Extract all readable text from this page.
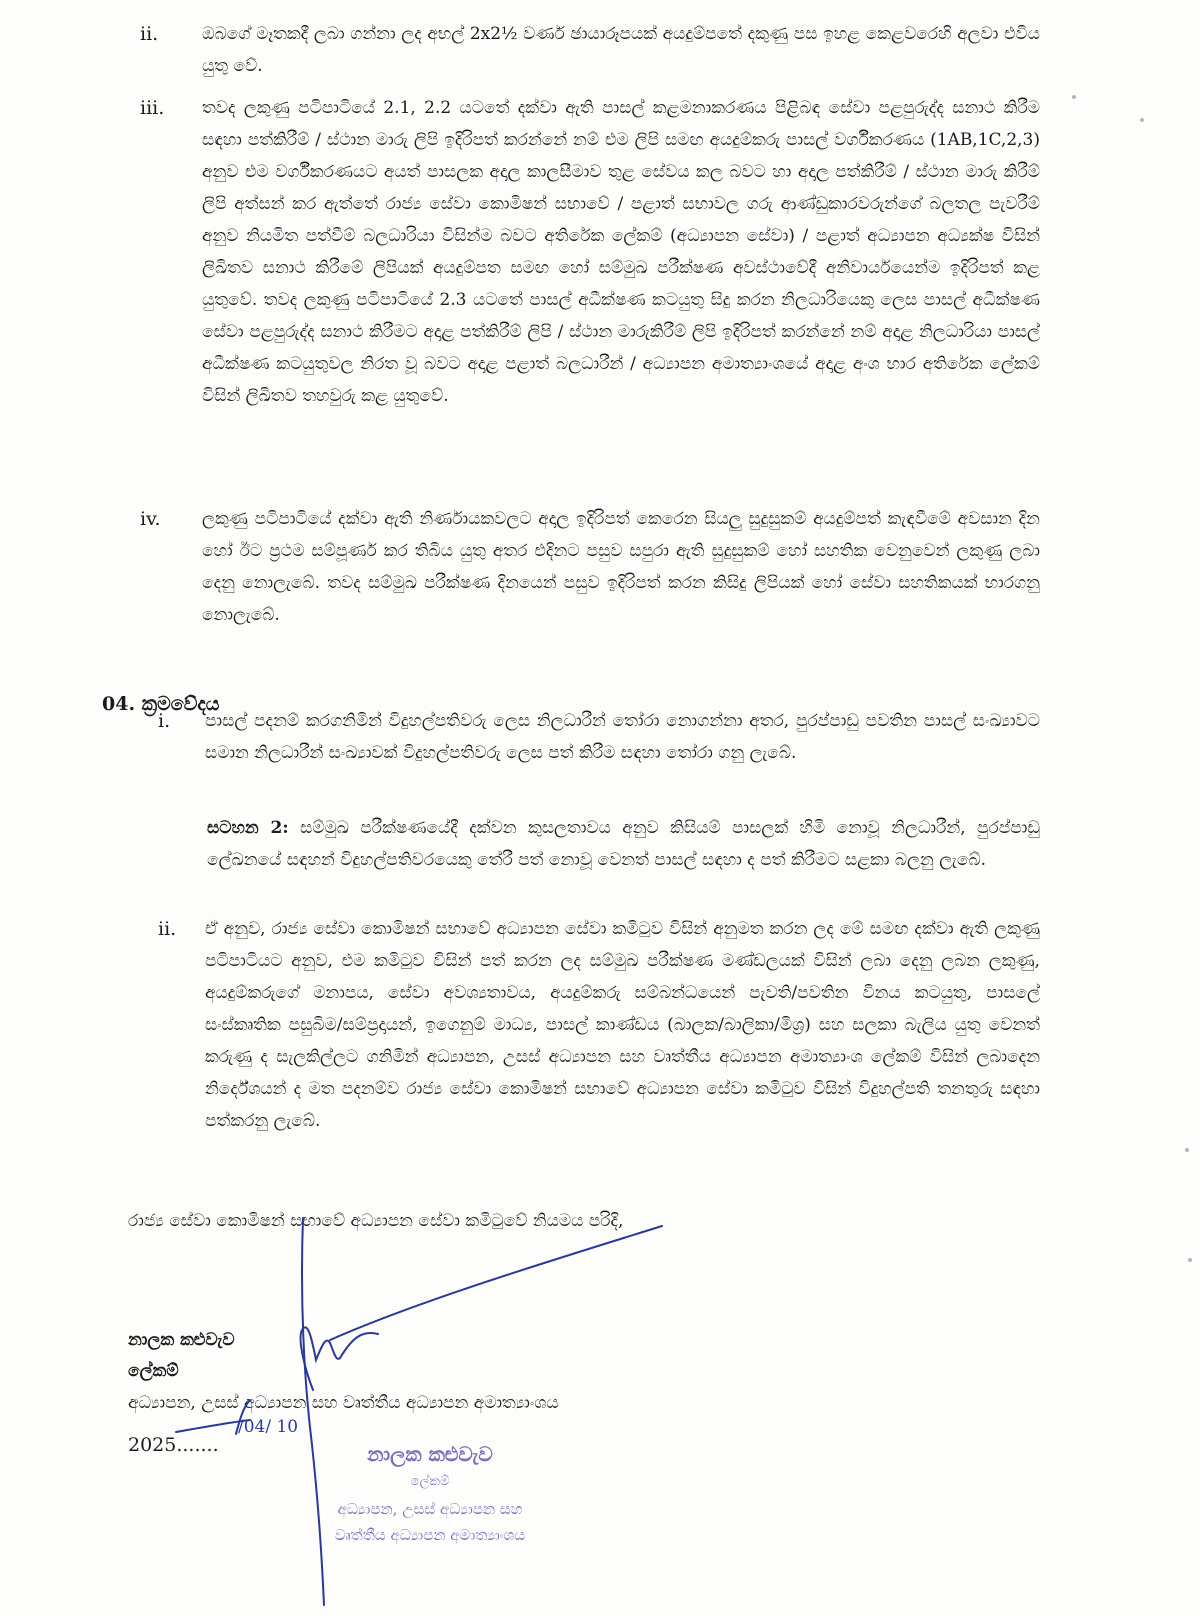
ii.	ඔබගේ මෑතකදී ලබා ගන්නා ලද අභල් 2x2½ වර්ණ ඡායාරූපයක් අයදුම්පතේ දකුණු පස ඉහළ කෙළවරෙහි අලවා එවිය යුතු වේ.
iii.	තවද ලකුණු පටිපාටියේ 2.1, 2.2 යටතේ දක්වා ඇති පාසල් කළමනාකරණය පිළිබඳ සේවා පළපුරුද්ද සනාථ කිරීම සඳහා පත්කිරීම් / ස්ථාන මාරු ලිපි ඉදිරිපත් කරන්නේ නම් එම ලිපි සමඟ අයදුම්කරු පාසල් වර්ගීකරණය (1AB,1C,2,3) අනුව එම වර්ගීකරණයට අයත් පාසලක අදාල කාලසීමාව තුළ සේවය කල බවට හා අදාල පත්කිරීම් / ස්ථාන මාරු කිරීම් ලිපි අත්සන් කර ඇත්තේ රාජ්‍ය සේවා කොමිෂන් සභාවේ / පළාත් සභාවල ගරු ආණ්ඩුකාරවරුන්ගේ බලතල පැවරීම් අනුව නියමිත පත්වීම් බලධාරියා විසින්ම බවට අතිරේක ලේකම් (අධ්‍යාපන සේවා) / පළාත් අධ්‍යාපන අධ්‍යක්ෂ විසින් ලිඛිතව සනාථ කිරීමේ ලිපියක් අයදුම්පත සමඟ හෝ සම්මුඛ පරීක්ෂණ අවස්ථාවේදී අනිවාර්යයෙන්ම ඉදිරිපත් කළ යුතුවේ. තවද ලකුණු පටිපාටියේ 2.3 යටතේ පාසල් අධීක්ෂණ කටයුතු සිදු කරන නිලධාරියෙකු ලෙස පාසල් අධීක්ෂණ සේවා පළපුරුද්ද සනාථ කිරීමට අදාළ පත්කිරීම් ලිපි / ස්ථාන මාරුකිරීම් ලිපි ඉදිරිපත් කරන්නේ නම් අදාළ නිලධාරියා පාසල් අධීක්ෂණ කටයුතුවල නිරත වූ බවට අදාළ පළාත් බලධාරීන් / අධ්‍යාපන අමාත්‍යාංශයේ අදාළ අංශ භාර අතිරේක ලේකම් විසින් ලිඛිතව තහවුරු කළ යුතුවේ.
iv.	ලකුණු පටිපාටියේ දක්වා ඇති නිර්ණායකවලට අදාල ඉදිරිපත් කෙරෙන සියලු සුදුසුකම් අයදුම්පත් කැඳවීමේ අවසාන දින හෝ ඊට ප්‍රථම සම්පූර්ණ කර තිබිය යුතු අතර එදිනට පසුව සපුරා ඇති සුදුසුකම් හෝ සහතික වෙනුවෙන් ලකුණු ලබා දෙනු නොලැබේ. තවද සම්මුඛ පරීක්ෂණ දිනයෙන් පසුව ඉදිරිපත් කරන කිසිදු ලිපියක් හෝ සේවා සහතිකයක් භාරගනු නොලැබේ.
04. ක්‍රමවේදය
i.	පාසල් පදනම් කරගනිමින් විදුහල්පතිවරු ලෙස නිලධාරීන් තෝරා නොගන්නා අතර, පුරප්පාඩු පවතින පාසල් සංඛ්‍යාවට සමාන නිලධාරීන් සංඛ්‍යාවක් විදුහල්පතිවරු ලෙස පත් කිරීම සඳහා තෝරා ගනු ලැබේ.
සටහන 2: සම්මුඛ පරීක්ෂණයේදී දක්වන කුසලතාවය අනුව කිසියම් පාසලක් හිමි නොවූ නිලධාරීන්, පුරප්පාඩු ලේඛනයේ සඳහන් විදුහල්පතිවරයෙකු තේරී පත් නොවූ වෙනත් පාසල් සඳහා ද පත් කිරීමට සළකා බලනු ලැබේ.
ii.	ඒ අනුව, රාජ්‍ය සේවා කොමිෂන් සභාවේ අධ්‍යාපන සේවා කමිටුව විසින් අනුමත කරන ලද මේ සමඟ දක්වා ඇති ලකුණු පටිපාටියට අනුව, එම කමිටුව විසින් පත් කරන ලද සම්මුඛ පරීක්ෂණ මණ්ඩලයක් විසින් ලබා දෙනු ලබන ලකුණු, අයදුම්කරුගේ මනාපය, සේවා අවශ්‍යතාවය, අයදුම්කරු සම්බන්ධයෙන් පැවති/පවතින විනය කටයුතු, පාසලේ සංස්කෘතික පසුබිම/සම්ප්‍රදායන්, ඉගෙනුම් මාධ්‍ය, පාසල් කාණ්ඩය (බාලක/බාලිකා/මිශ්‍ර) සහ සලකා බැලිය යුතු වෙනත් කරුණු ද සැලකිල්ලට ගනිමින් අධ්‍යාපන, උසස් අධ්‍යාපන සහ වෘත්තීය අධ්‍යාපන අමාත්‍යාංශ ලේකම් විසින් ලබාදෙන නිර්දේශයන් ද මත පදනම්ව රාජ්‍ය සේවා කොමිෂන් සභාවේ අධ්‍යාපන සේවා කමිටුව විසින් විදුහල්පති තනතුරු සඳහා පත්කරනු ලැබේ.
රාජ්‍ය සේවා කොමිෂන් සභාවේ අධ්‍යාපන සේවා කමිටුවේ නියමය පරිදි,
නාලක කළුවැව
ලේකම්
අධ්‍යාපන, උසස් අධ්‍යාපන සහ වෘත්තීය අධ්‍යාපන අමාත්‍යාංශය
2025.......
/04/ 10
නාලක කළුවැව
ලේකම්
අධ්‍යාපන, උසස් අධ්‍යාපන සහ
වෘත්තීය අධ්‍යාපන අමාත්‍යාංශය
